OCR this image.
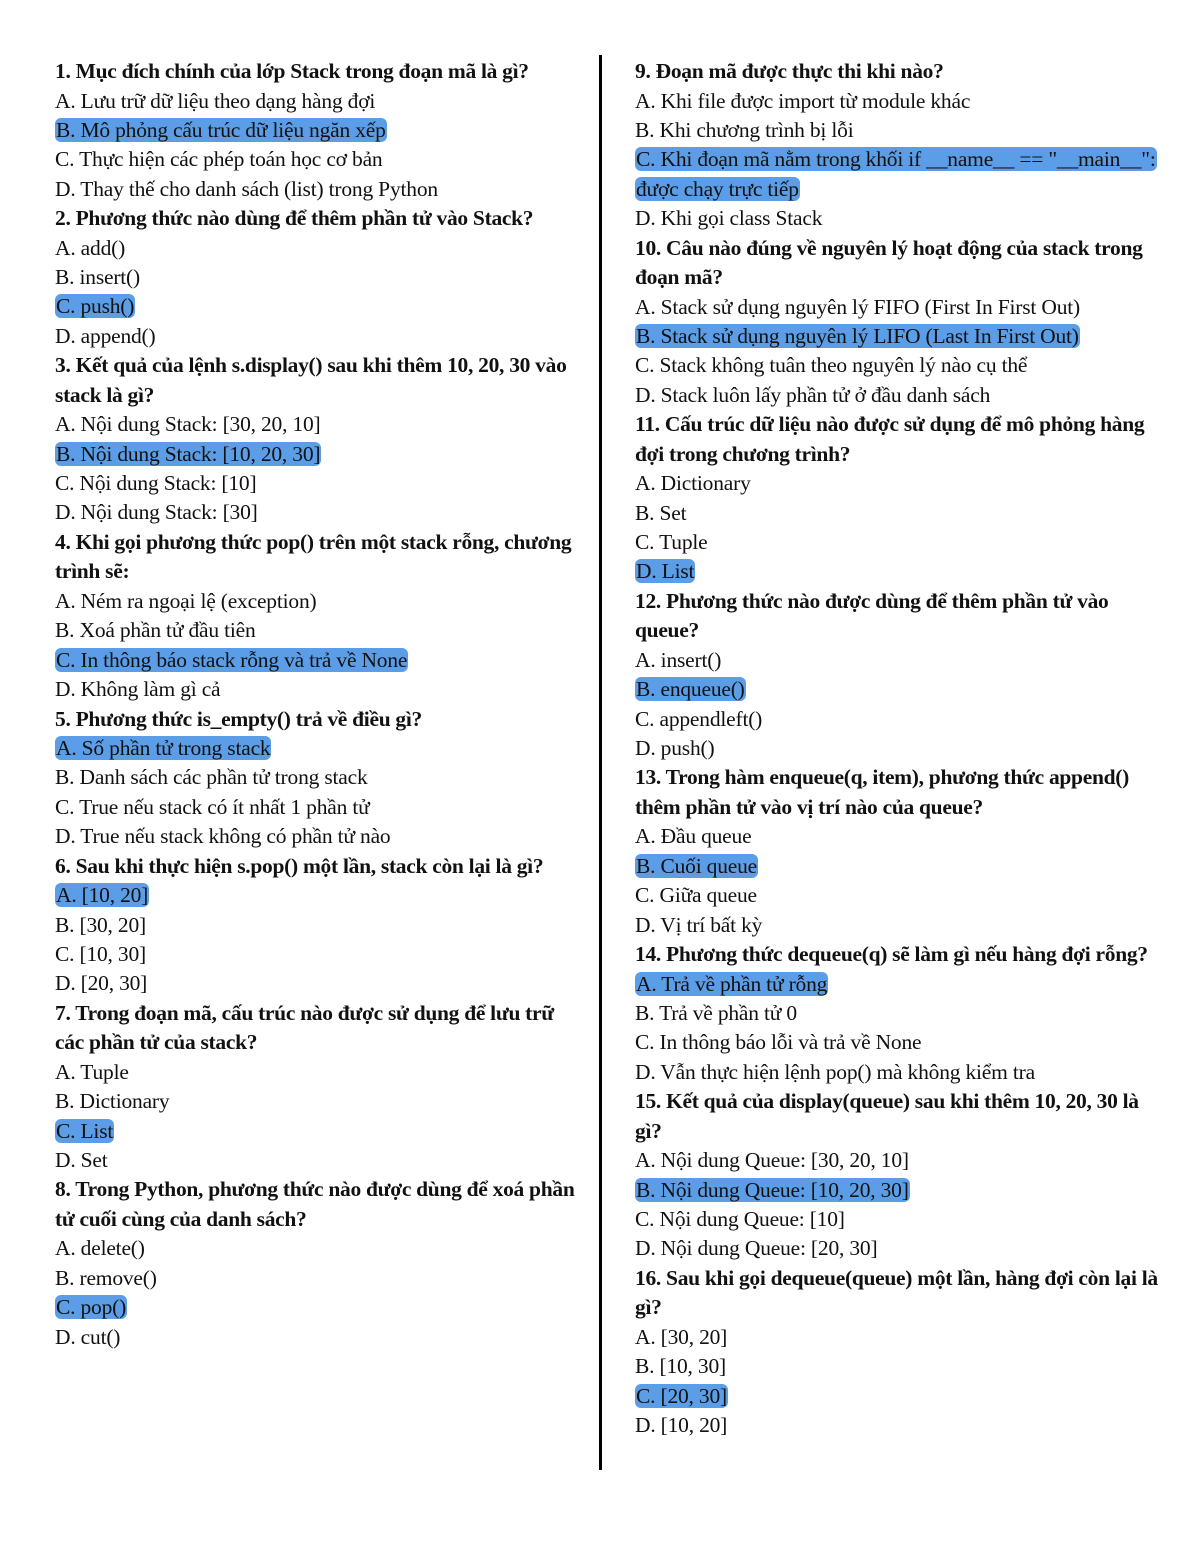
1. Mục đích chính của lớp Stack trong đoạn mã là gì?
A. Lưu trữ dữ liệu theo dạng hàng đợi
B. Mô phỏng cấu trúc dữ liệu ngăn xếp
C. Thực hiện các phép toán học cơ bản
D. Thay thế cho danh sách (list) trong Python
2. Phương thức nào dùng để thêm phần tử vào Stack?
A. add()
B. insert()
C. push()
D. append()
3. Kết quả của lệnh s.display() sau khi thêm 10, 20, 30 vào stack là gì?
A. Nội dung Stack: [30, 20, 10]
B. Nội dung Stack: [10, 20, 30]
C. Nội dung Stack: [10]
D. Nội dung Stack: [30]
4. Khi gọi phương thức pop() trên một stack rỗng, chương trình sẽ:
A. Ném ra ngoại lệ (exception)
B. Xoá phần tử đầu tiên
C. In thông báo stack rỗng và trả về None
D. Không làm gì cả
5. Phương thức is_empty() trả về điều gì?
A. Số phần tử trong stack
B. Danh sách các phần tử trong stack
C. True nếu stack có ít nhất 1 phần tử
D. True nếu stack không có phần tử nào
6. Sau khi thực hiện s.pop() một lần, stack còn lại là gì?
A. [10, 20]
B. [30, 20]
C. [10, 30]
D. [20, 30]
7. Trong đoạn mã, cấu trúc nào được sử dụng để lưu trữ các phần tử của stack?
A. Tuple
B. Dictionary
C. List
D. Set
8. Trong Python, phương thức nào được dùng để xoá phần tử cuối cùng của danh sách?
A. delete()
B. remove()
C. pop()
D. cut()
9. Đoạn mã được thực thi khi nào?
A. Khi file được import từ module khác
B. Khi chương trình bị lỗi
C. Khi đoạn mã nằm trong khối if __name__ == "__main__": được chạy trực tiếp
D. Khi gọi class Stack
10. Câu nào đúng về nguyên lý hoạt động của stack trong đoạn mã?
A. Stack sử dụng nguyên lý FIFO (First In First Out)
B. Stack sử dụng nguyên lý LIFO (Last In First Out)
C. Stack không tuân theo nguyên lý nào cụ thể
D. Stack luôn lấy phần tử ở đầu danh sách
11. Cấu trúc dữ liệu nào được sử dụng để mô phỏng hàng đợi trong chương trình?
A. Dictionary
B. Set
C. Tuple
D. List
12. Phương thức nào được dùng để thêm phần tử vào queue?
A. insert()
B. enqueue()
C. appendleft()
D. push()
13. Trong hàm enqueue(q, item), phương thức append() thêm phần tử vào vị trí nào của queue?
A. Đầu queue
B. Cuối queue
C. Giữa queue
D. Vị trí bất kỳ
14. Phương thức dequeue(q) sẽ làm gì nếu hàng đợi rỗng?
A. Trả về phần tử rỗng
B. Trả về phần tử 0
C. In thông báo lỗi và trả về None
D. Vẫn thực hiện lệnh pop() mà không kiểm tra
15. Kết quả của display(queue) sau khi thêm 10, 20, 30 là gì?
A. Nội dung Queue: [30, 20, 10]
B. Nội dung Queue: [10, 20, 30]
C. Nội dung Queue: [10]
D. Nội dung Queue: [20, 30]
16. Sau khi gọi dequeue(queue) một lần, hàng đợi còn lại là gì?
A. [30, 20]
B. [10, 30]
C. [20, 30]
D. [10, 20]
